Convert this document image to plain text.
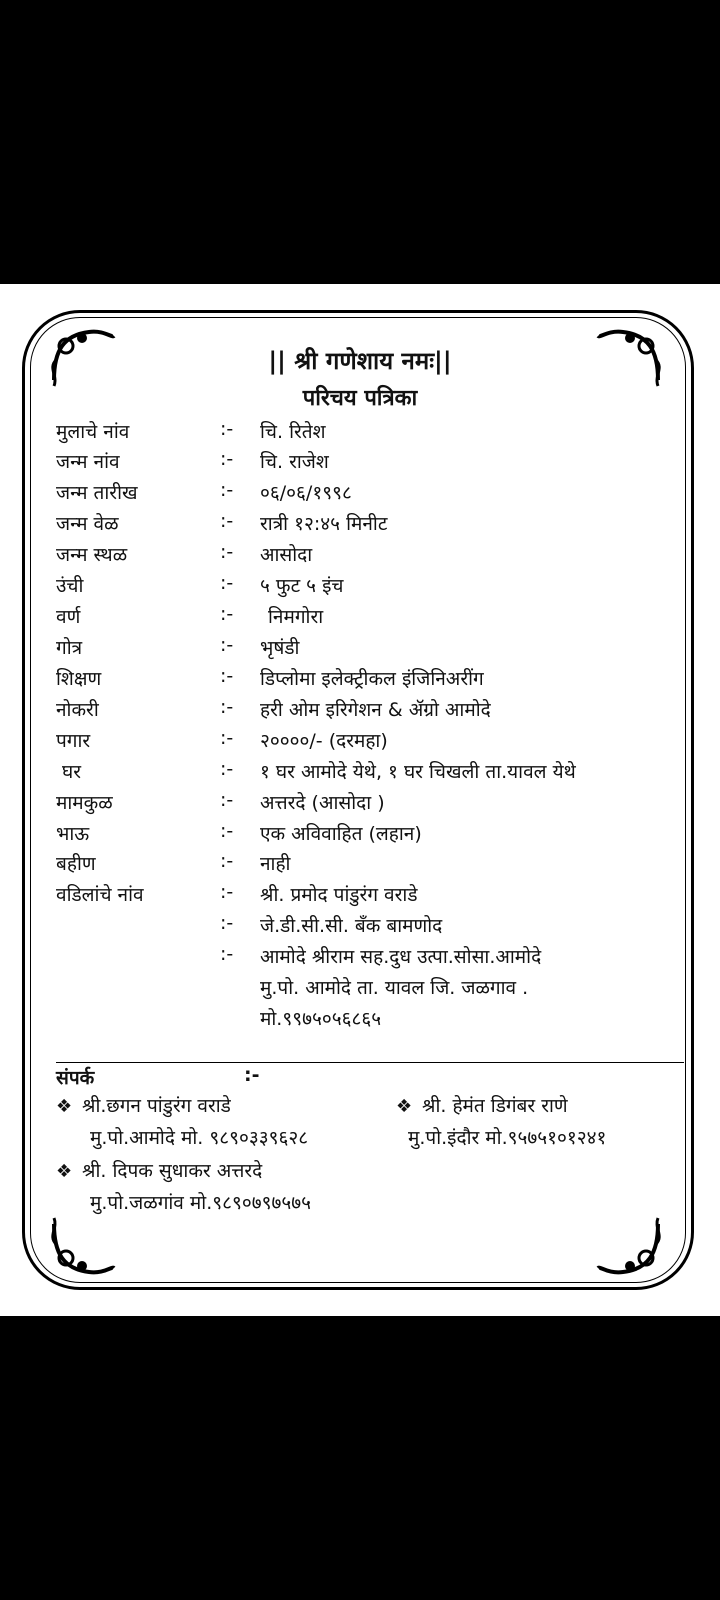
|| श्री गणेशाय नमः||
परिचय पत्रिका
मुलाचे नांव	:- चि. रितेश
जन्म नांव	:- चि. राजेश
जन्म तारीख	:- ०६/०६/१९९८
जन्म वेळ	:- रात्री १२:४५ मिनीट
जन्म स्थळ	:- आसोदा
उंची	:- ५ फुट ५ इंच
वर्ण	:- निमगोरा
गोत्र	:- भृषंडी
शिक्षण	:- डिप्लोमा इलेक्ट्रीकल इंजिनिअरींग
नोकरी	:- हरी ओम इरिगेशन & ॲग्रो आमोदे
पगार	:- २००००/- (दरमहा)
घर	:- १ घर आमोदे येथे, १ घर चिखली ता.यावल येथे
मामकुळ	:- अत्तरदे (आसोदा )
भाऊ	:- एक अविवाहित (लहान)
बहीण	:- नाही
वडिलांचे नांव	:- श्री. प्रमोद पांडुरंग वराडे
:- जे.डी.सी.सी. बँक बामणोद
:- आमोदे श्रीराम सह.दुध उत्पा.सोसा.आमोदे
मु.पो. आमोदे ता. यावल जि. जळगाव .
मो.९९७५०५६८६५
संपर्क	:-
❖ श्री.छगन पांडुरंग वराडे
मु.पो.आमोदे मो. ९८९०३३९६२८
❖ श्री. हेमंत डिगंबर राणे
मु.पो.इंदौर मो.९५७५१०१२४१
❖ श्री. दिपक सुधाकर अत्तरदे
मु.पो.जळगांव मो.९८९०७९७५७५
